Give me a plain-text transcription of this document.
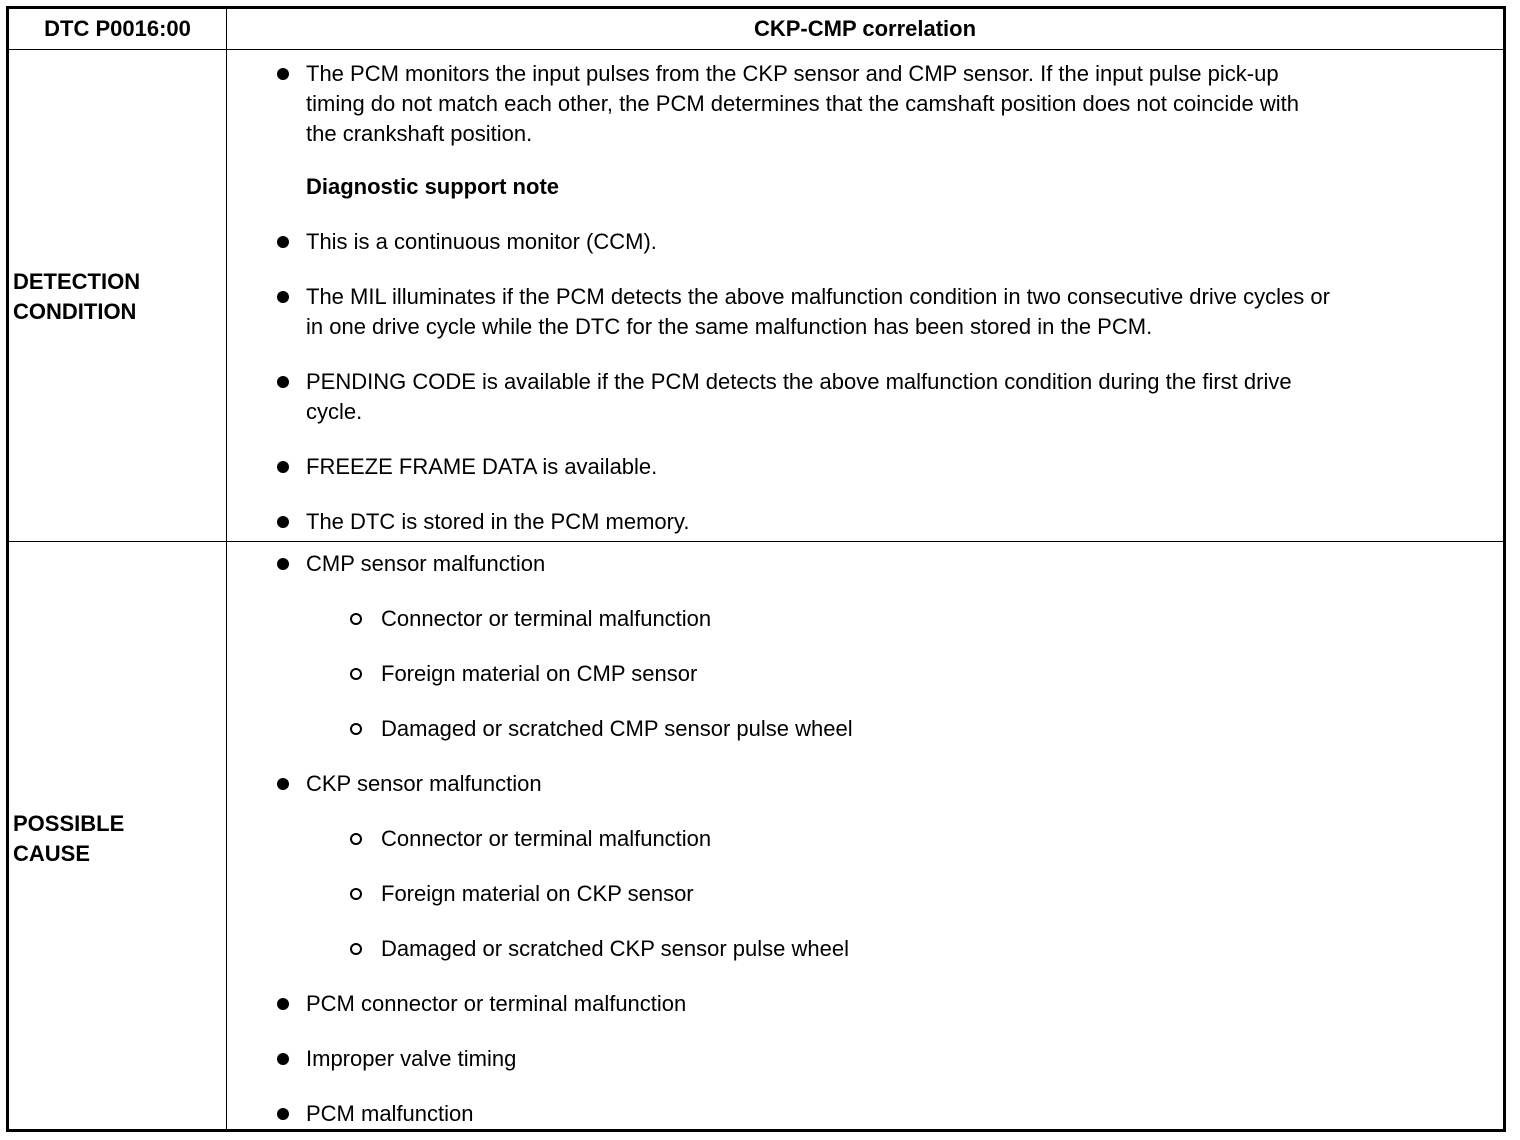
DTC P0016:00	CKP-CMP correlation
DETECTION
CONDITION
The PCM monitors the input pulses from the CKP sensor and CMP sensor. If the input pulse pick-up
timing do not match each other, the PCM determines that the camshaft position does not coincide with
the crankshaft position.
Diagnostic support note
This is a continuous monitor (CCM).
The MIL illuminates if the PCM detects the above malfunction condition in two consecutive drive cycles or
in one drive cycle while the DTC for the same malfunction has been stored in the PCM.
PENDING CODE is available if the PCM detects the above malfunction condition during the first drive
cycle.
FREEZE FRAME DATA is available.
The DTC is stored in the PCM memory.
POSSIBLE
CAUSE
CMP sensor malfunction
Connector or terminal malfunction
Foreign material on CMP sensor
Damaged or scratched CMP sensor pulse wheel
CKP sensor malfunction
Connector or terminal malfunction
Foreign material on CKP sensor
Damaged or scratched CKP sensor pulse wheel
PCM connector or terminal malfunction
Improper valve timing
PCM malfunction
